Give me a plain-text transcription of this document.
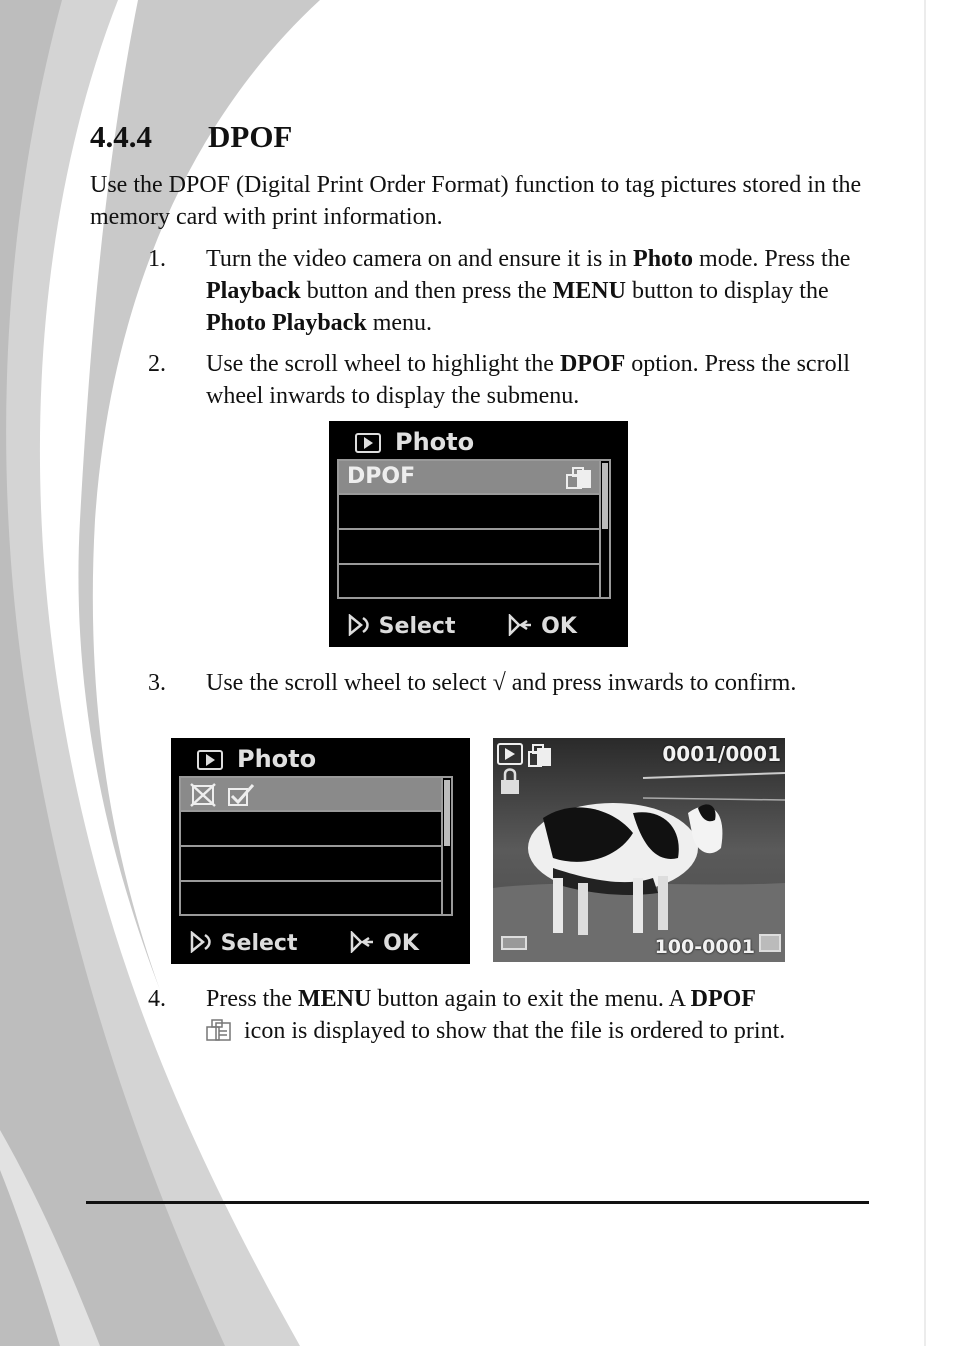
4.4.4 DPOF

Use the DPOF (Digital Print Order Format) function to tag pictures stored in the memory card with print information.

1. Turn the video camera on and ensure it is in Photo mode. Press the Playback button and then press the MENU button to display the Photo Playback menu.
2. Use the scroll wheel to highlight the DPOF option. Press the scroll wheel inwards to display the submenu.
Photo
DPOF
Select	OK
3. Use the scroll wheel to select √ and press inwards to confirm.
Photo
Select	OK
0001/0001
100-0001
4. Press the MENU button again to exit the menu. A DPOF
icon is displayed to show that the file is ordered to print.
